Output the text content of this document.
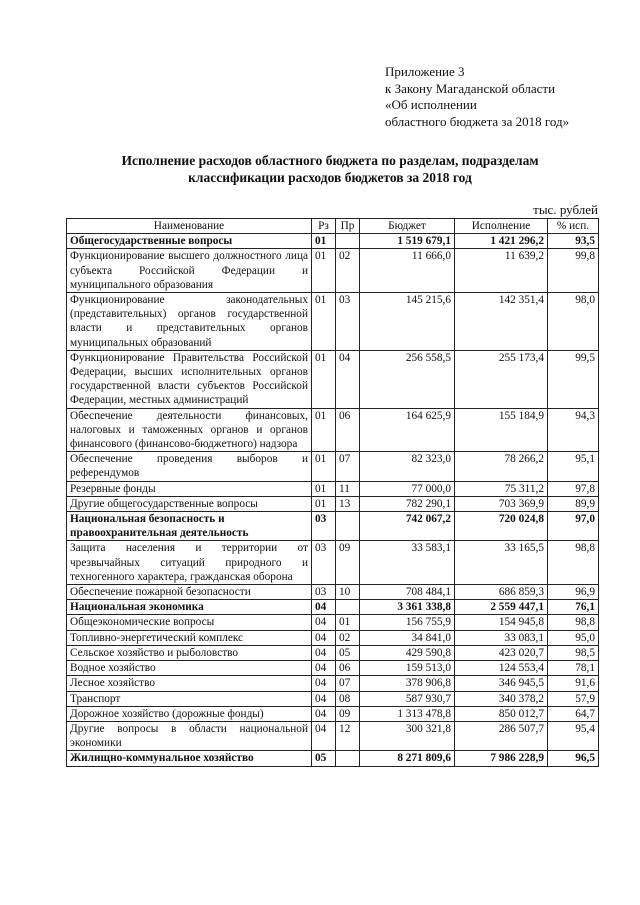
Приложение 3
к Закону Магаданской области
«Об исполнении
областного бюджета за 2018 год»
Исполнение расходов областного бюджета по разделам, подразделам
классификации расходов бюджетов за 2018 год
тыс. рублей
Наименование	Рз	Пр	Бюджет	Исполнение	% исп.
Общегосударственные вопросы	01		1 519 679,1	1 421 296,2	93,5
Функционирование высшего должностного лица субъекта Российской Федерации и муниципального образования	01	02	11 666,0	11 639,2	99,8
Функционирование законодательных (представительных) органов государственной власти и представительных органов муниципальных образований	01	03	145 215,6	142 351,4	98,0
Функционирование Правительства Российской Федерации, высших исполнительных органов государственной власти субъектов Российской Федерации, местных администраций	01	04	256 558,5	255 173,4	99,5
Обеспечение деятельности финансовых, налоговых и таможенных органов и органов финансового (финансово-бюджетного) надзора	01	06	164 625,9	155 184,9	94,3
Обеспечение проведения выборов и референдумов	01	07	82 323,0	78 266,2	95,1
Резервные фонды	01	11	77 000,0	75 311,2	97,8
Другие общегосударственные вопросы	01	13	782 290,1	703 369,9	89,9
Национальная безопасность и правоохранительная деятельность	03		742 067,2	720 024,8	97,0
Защита населения и территории от чрезвычайных ситуаций природного и техногенного характера, гражданская оборона	03	09	33 583,1	33 165,5	98,8
Обеспечение пожарной безопасности	03	10	708 484,1	686 859,3	96,9
Национальная экономика	04		3 361 338,8	2 559 447,1	76,1
Общеэкономические вопросы	04	01	156 755,9	154 945,8	98,8
Топливно-энергетический комплекс	04	02	34 841,0	33 083,1	95,0
Сельское хозяйство и рыболовство	04	05	429 590,8	423 020,7	98,5
Водное хозяйство	04	06	159 513,0	124 553,4	78,1
Лесное хозяйство	04	07	378 906,8	346 945,5	91,6
Транспорт	04	08	587 930,7	340 378,2	57,9
Дорожное хозяйство (дорожные фонды)	04	09	1 313 478,8	850 012,7	64,7
Другие вопросы в области национальной экономики	04	12	300 321,8	286 507,7	95,4
Жилищно-коммунальное хозяйство	05		8 271 809,6	7 986 228,9	96,5
